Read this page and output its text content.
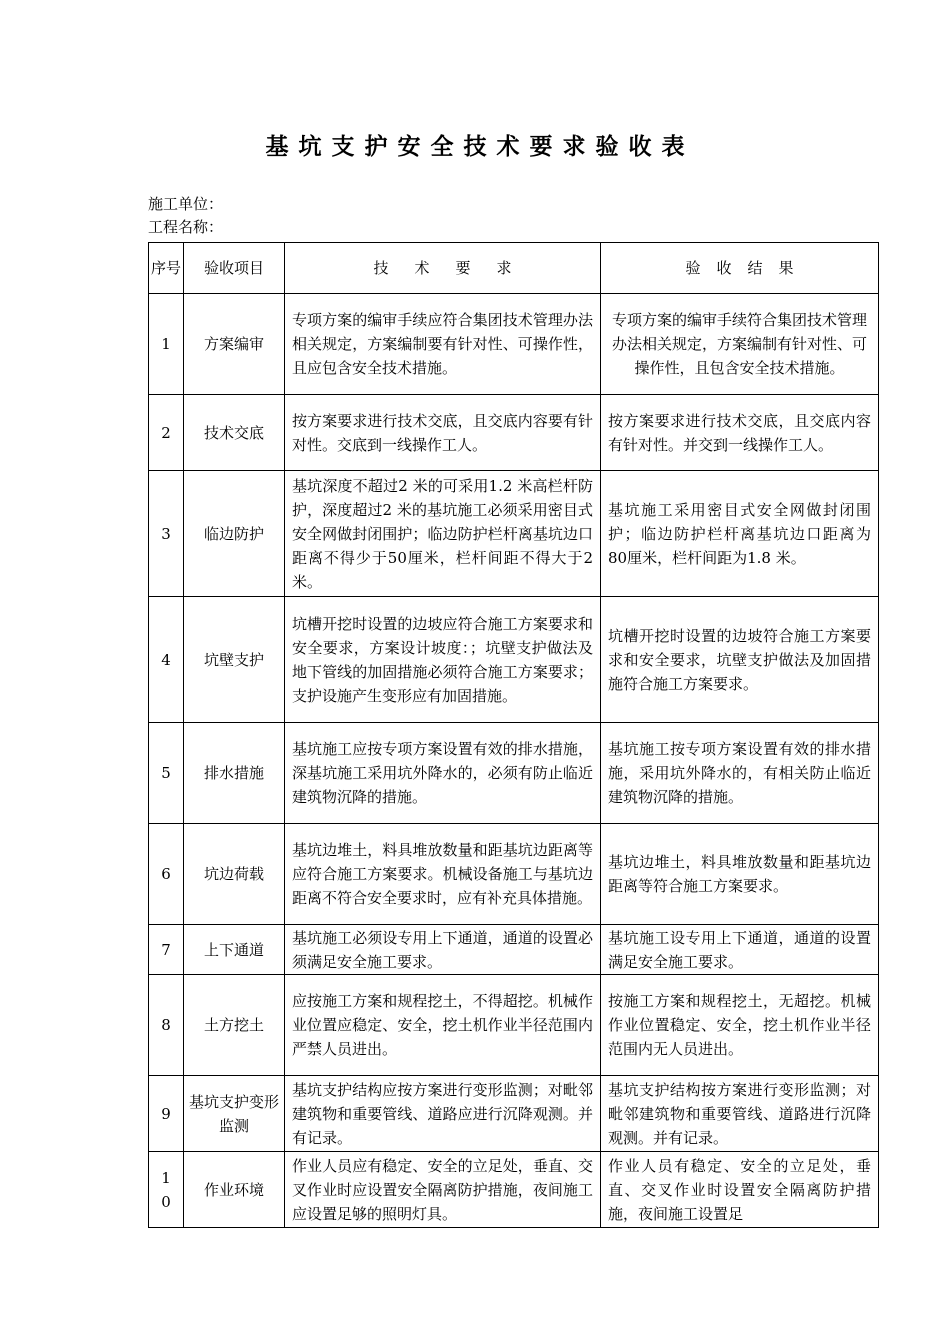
基坑支护安全技术要求验收表
施工单位：
工程名称：
序号	验收项目	技术要求	验收结果
1	方案编审	专项方案的编审手续应符合集团技术管理办法相关规定，方案编制要有针对性、可操作性，且应包含安全技术措施。	专项方案的编审手续符合集团技术管理办法相关规定，方案编制有针对性、可操作性，且包含安全技术措施。
2	技术交底	按方案要求进行技术交底，且交底内容要有针对性。交底到一线操作工人。	按方案要求进行技术交底，且交底内容有针对性。并交到一线操作工人。
3	临边防护	基坑深度不超过2 米的可采用1.2 米高栏杆防护，深度超过2 米的基坑施工必须采用密目式安全网做封闭围护；临边防护栏杆离基坑边口距离不得少于50厘米，栏杆间距不得大于2 米。	基坑施工采用密目式安全网做封闭围护；临边防护栏杆离基坑边口距离为 80厘米，栏杆间距为1.8 米。
4	坑壁支护	坑槽开挖时设置的边坡应符合施工方案要求和安全要求，方案设计坡度：；坑壁支护做法及地下管线的加固措施必须符合施工方案要求；支护设施产生变形应有加固措施。	坑槽开挖时设置的边坡符合施工方案要求和安全要求，坑壁支护做法及加固措施符合施工方案要求。
5	排水措施	基坑施工应按专项方案设置有效的排水措施，深基坑施工采用坑外降水的，必须有防止临近建筑物沉降的措施。	基坑施工按专项方案设置有效的排水措施，采用坑外降水的，有相关防止临近建筑物沉降的措施。
6	坑边荷载	基坑边堆土，料具堆放数量和距基坑边距离等应符合施工方案要求。机械设备施工与基坑边距离不符合安全要求时，应有补充具体措施。	基坑边堆土，料具堆放数量和距基坑边距离等符合施工方案要求。
7	上下通道	基坑施工必须设专用上下通道，通道的设置必须满足安全施工要求。	基坑施工设专用上下通道，通道的设置满足安全施工要求。
8	土方挖土	应按施工方案和规程挖土，不得超挖。机械作业位置应稳定、安全，挖土机作业半径范围内严禁人员进出。	按施工方案和规程挖土，无超挖。机械作业位置稳定、安全，挖土机作业半径范围内无人员进出。
9	基坑支护变形监测	基坑支护结构应按方案进行变形监测；对毗邻建筑物和重要管线、道路应进行沉降观测。并有记录。	基坑支护结构按方案进行变形监测；对毗邻建筑物和重要管线、道路进行沉降观测。并有记录。
10	作业环境	作业人员应有稳定、安全的立足处，垂直、交叉作业时应设置安全隔离防护措施，夜间施工应设置足够的照明灯具。	作业人员有稳定、安全的立足处，垂直、交叉作业时设置安全隔离防护措施，夜间施工设置足
